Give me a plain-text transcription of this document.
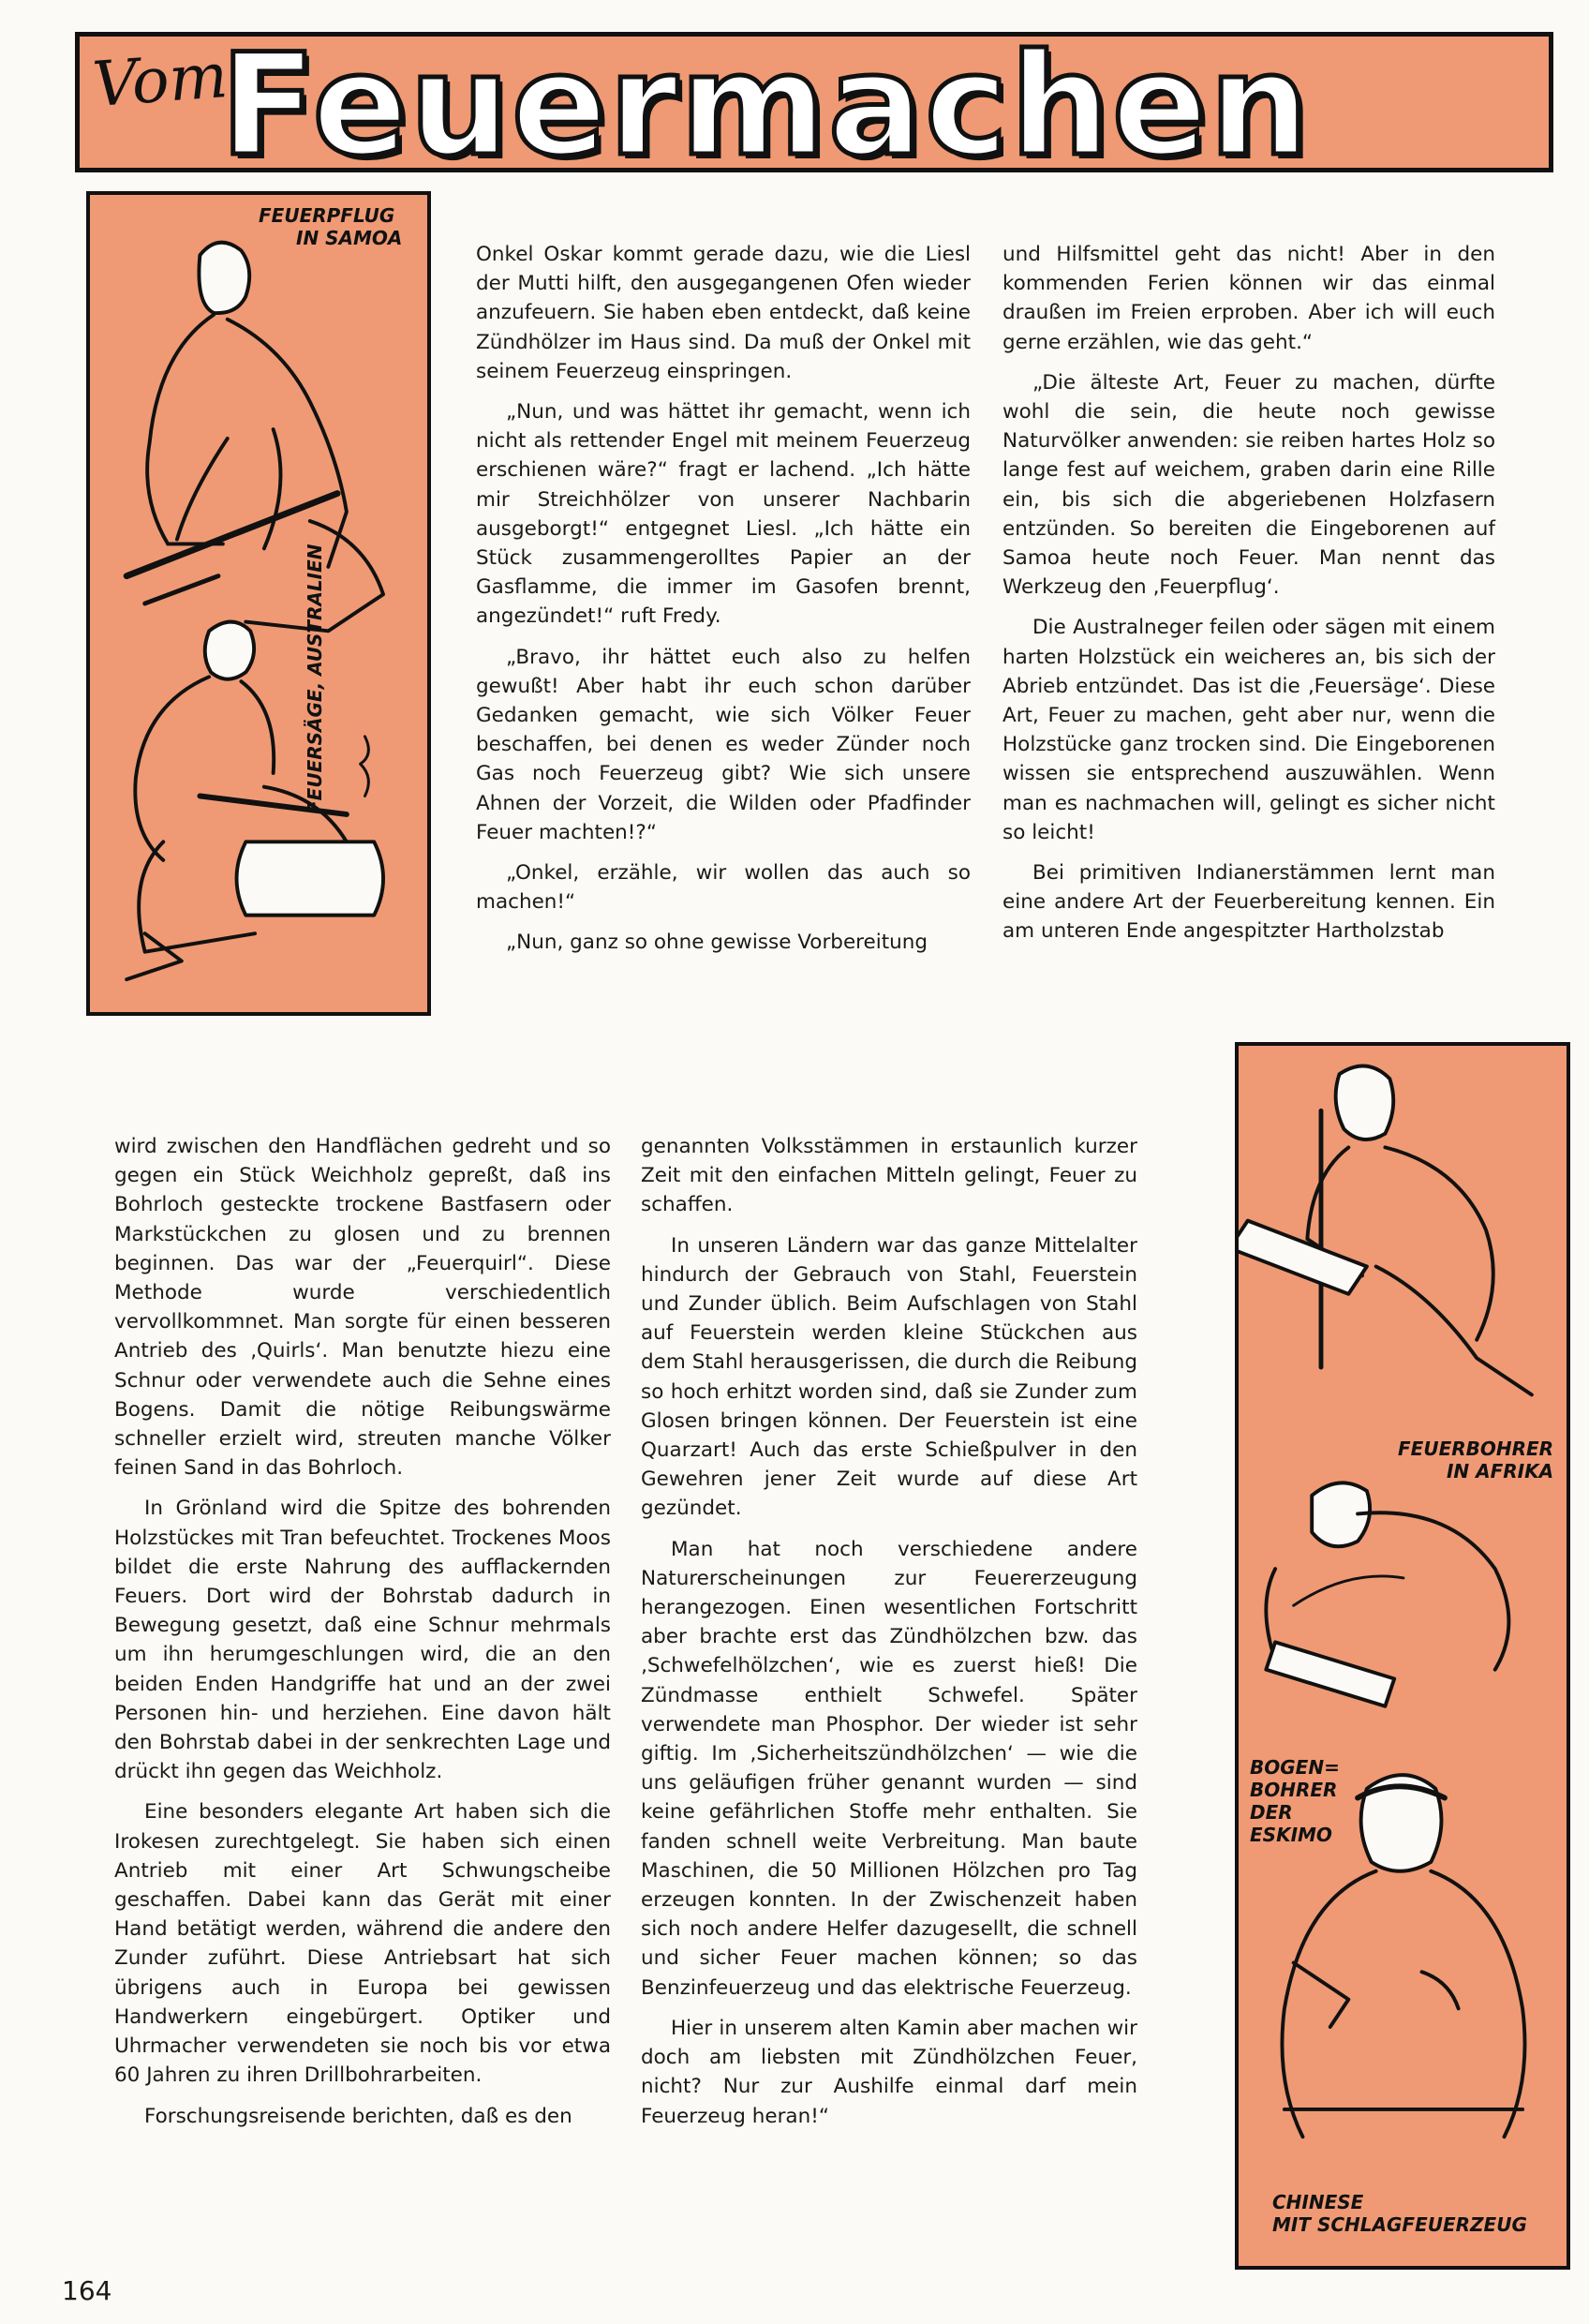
Vom
Feuermachen
FEUERPFLUG
IN SAMOA
FEUERSÄGE, AUSTRALIEN
FEUERBOHRER
IN AFRIKA
BOGEN=
BOHRER
DER
ESKIMO
CHINESE
MIT SCHLAGFEUERZEUG

Onkel Oskar kommt gerade dazu, wie die Liesl der Mutti hilft, den ausgegangenen Ofen wieder anzufeuern. Sie haben eben entdeckt, daß keine Zündhölzer im Haus sind. Da muß der Onkel mit seinem Feuerzeug einspringen.

„Nun, und was hättet ihr gemacht, wenn ich nicht als rettender Engel mit meinem Feuerzeug erschienen wäre?“ fragt er lachend. „Ich hätte mir Streichhölzer von unserer Nachbarin ausgeborgt!“ entgegnet Liesl. „Ich hätte ein Stück zusammengerolltes Papier an der Gasflamme, die immer im Gasofen brennt, angezündet!“ ruft Fredy.

„Bravo, ihr hättet euch also zu helfen gewußt! Aber habt ihr euch schon darüber Gedanken gemacht, wie sich Völker Feuer beschaffen, bei denen es weder Zünder noch Gas noch Feuerzeug gibt? Wie sich unsere Ahnen der Vorzeit, die Wilden oder Pfadfinder Feuer machten!?“

„Onkel, erzähle, wir wollen das auch so machen!“

„Nun, ganz so ohne gewisse Vorbereitung

und Hilfsmittel geht das nicht! Aber in den kommenden Ferien können wir das einmal draußen im Freien erproben. Aber ich will euch gerne erzählen, wie das geht.“

„Die älteste Art, Feuer zu machen, dürfte wohl die sein, die heute noch gewisse Naturvölker anwenden: sie reiben hartes Holz so lange fest auf weichem, graben darin eine Rille ein, bis sich die abgeriebenen Holzfasern entzünden. So bereiten die Eingeborenen auf Samoa heute noch Feuer. Man nennt das Werkzeug den ‚Feuerpflug‘.

Die Australneger feilen oder sägen mit einem harten Holzstück ein weicheres an, bis sich der Abrieb entzündet. Das ist die ‚Feuersäge‘. Diese Art, Feuer zu machen, geht aber nur, wenn die Holzstücke ganz trocken sind. Die Eingeborenen wissen sie entsprechend auszuwählen. Wenn man es nachmachen will, gelingt es sicher nicht so leicht!

Bei primitiven Indianerstämmen lernt man eine andere Art der Feuerbereitung kennen. Ein am unteren Ende angespitzter Hartholzstab

wird zwischen den Handflächen gedreht und so gegen ein Stück Weichholz gepreßt, daß ins Bohrloch gesteckte trockene Bastfasern oder Markstückchen zu glosen und zu brennen beginnen. Das war der „Feuerquirl“. Diese Methode wurde verschiedentlich vervollkommnet. Man sorgte für einen besseren Antrieb des ‚Quirls‘. Man benutzte hiezu eine Schnur oder verwendete auch die Sehne eines Bogens. Damit die nötige Reibungswärme schneller erzielt wird, streuten manche Völker feinen Sand in das Bohrloch.

In Grönland wird die Spitze des bohrenden Holzstückes mit Tran befeuchtet. Trockenes Moos bildet die erste Nahrung des aufflackernden Feuers. Dort wird der Bohrstab dadurch in Bewegung gesetzt, daß eine Schnur mehrmals um ihn herumgeschlungen wird, die an den beiden Enden Handgriffe hat und an der zwei Personen hin- und herziehen. Eine davon hält den Bohrstab dabei in der senkrechten Lage und drückt ihn gegen das Weichholz.

Eine besonders elegante Art haben sich die Irokesen zurechtgelegt. Sie haben sich einen Antrieb mit einer Art Schwungscheibe geschaffen. Dabei kann das Gerät mit einer Hand betätigt werden, während die andere den Zunder zuführt. Diese Antriebsart hat sich übrigens auch in Europa bei gewissen Handwerkern eingebürgert. Optiker und Uhrmacher verwendeten sie noch bis vor etwa 60 Jahren zu ihren Drillbohrarbeiten.

Forschungsreisende berichten, daß es den

genannten Volksstämmen in erstaunlich kurzer Zeit mit den einfachen Mitteln gelingt, Feuer zu schaffen.

In unseren Ländern war das ganze Mittelalter hindurch der Gebrauch von Stahl, Feuerstein und Zunder üblich. Beim Aufschlagen von Stahl auf Feuerstein werden kleine Stückchen aus dem Stahl herausgerissen, die durch die Reibung so hoch erhitzt worden sind, daß sie Zunder zum Glosen bringen können. Der Feuerstein ist eine Quarzart! Auch das erste Schießpulver in den Gewehren jener Zeit wurde auf diese Art gezündet.

Man hat noch verschiedene andere Naturerscheinungen zur Feuererzeugung herangezogen. Einen wesentlichen Fortschritt aber brachte erst das Zündhölzchen bzw. das ‚Schwefelhölzchen‘, wie es zuerst hieß! Die Zündmasse enthielt Schwefel. Später verwendete man Phosphor. Der wieder ist sehr giftig. Im ‚Sicherheitszündhölzchen‘ — wie die uns geläufigen früher genannt wurden — sind keine gefährlichen Stoffe mehr enthalten. Sie fanden schnell weite Verbreitung. Man baute Maschinen, die 50 Millionen Hölzchen pro Tag erzeugen konnten. In der Zwischenzeit haben sich noch andere Helfer dazugesellt, die schnell und sicher Feuer machen können; so das Benzinfeuerzeug und das elektrische Feuerzeug.

Hier in unserem alten Kamin aber machen wir doch am liebsten mit Zündhölzchen Feuer, nicht? Nur zur Aushilfe einmal darf mein Feuerzeug heran!“

164
